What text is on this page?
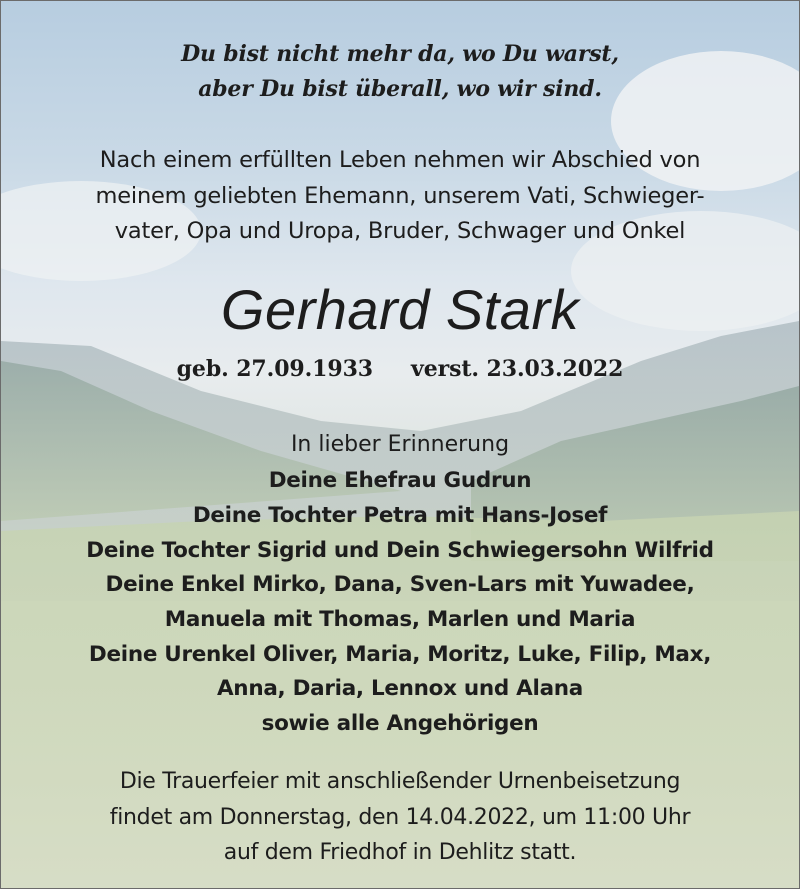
Du bist nicht mehr da, wo Du warst,
aber Du bist überall, wo wir sind.
Nach einem erfüllten Leben nehmen wir Abschied von
meinem geliebten Ehemann, unserem Vati, Schwieger-
vater, Opa und Uropa, Bruder, Schwager und Onkel
Gerhard Stark
geb. 27.09.1933 verst. 23.03.2022
In lieber Erinnerung
Deine Ehefrau Gudrun
Deine Tochter Petra mit Hans-Josef
Deine Tochter Sigrid und Dein Schwiegersohn Wilfrid
Deine Enkel Mirko, Dana, Sven-Lars mit Yuwadee,
Manuela mit Thomas, Marlen und Maria
Deine Urenkel Oliver, Maria, Moritz, Luke, Filip, Max,
Anna, Daria, Lennox und Alana
sowie alle Angehörigen
Die Trauerfeier mit anschließender Urnenbeisetzung
findet am Donnerstag, den 14.04.2022, um 11:00 Uhr
auf dem Friedhof in Dehlitz statt.
